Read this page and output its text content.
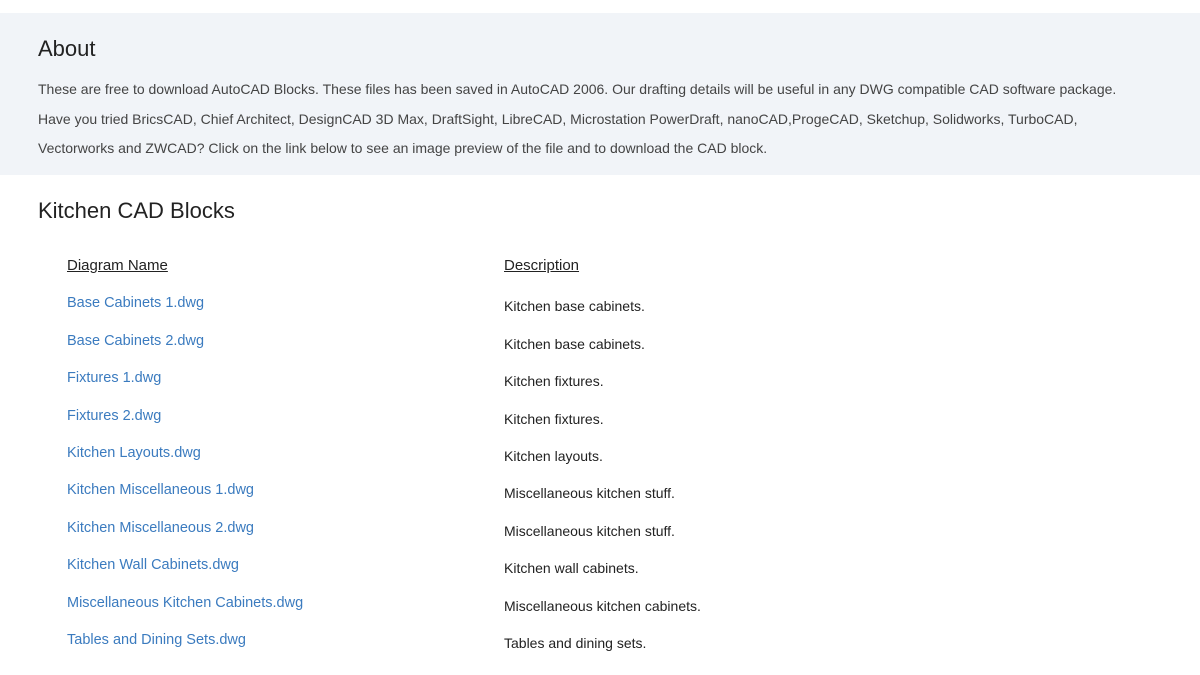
About

These are free to download AutoCAD Blocks. These files has been saved in AutoCAD 2006. Our drafting details will be useful in any DWG compatible CAD software package. Have you tried BricsCAD, Chief Architect, DesignCAD 3D Max, DraftSight, LibreCAD, Microstation PowerDraft, nanoCAD,ProgeCAD, Sketchup, Solidworks, TurboCAD, Vectorworks and ZWCAD? Click on the link below to see an image preview of the file and to download the CAD block.

Kitchen CAD Blocks
Diagram Name	Description
Base Cabinets 1.dwg	Kitchen base cabinets.
Base Cabinets 2.dwg	Kitchen base cabinets.
Fixtures 1.dwg	Kitchen fixtures.
Fixtures 2.dwg	Kitchen fixtures.
Kitchen Layouts.dwg	Kitchen layouts.
Kitchen Miscellaneous 1.dwg	Miscellaneous kitchen stuff.
Kitchen Miscellaneous 2.dwg	Miscellaneous kitchen stuff.
Kitchen Wall Cabinets.dwg	Kitchen wall cabinets.
Miscellaneous Kitchen Cabinets.dwg	Miscellaneous kitchen cabinets.
Tables and Dining Sets.dwg	Tables and dining sets.
